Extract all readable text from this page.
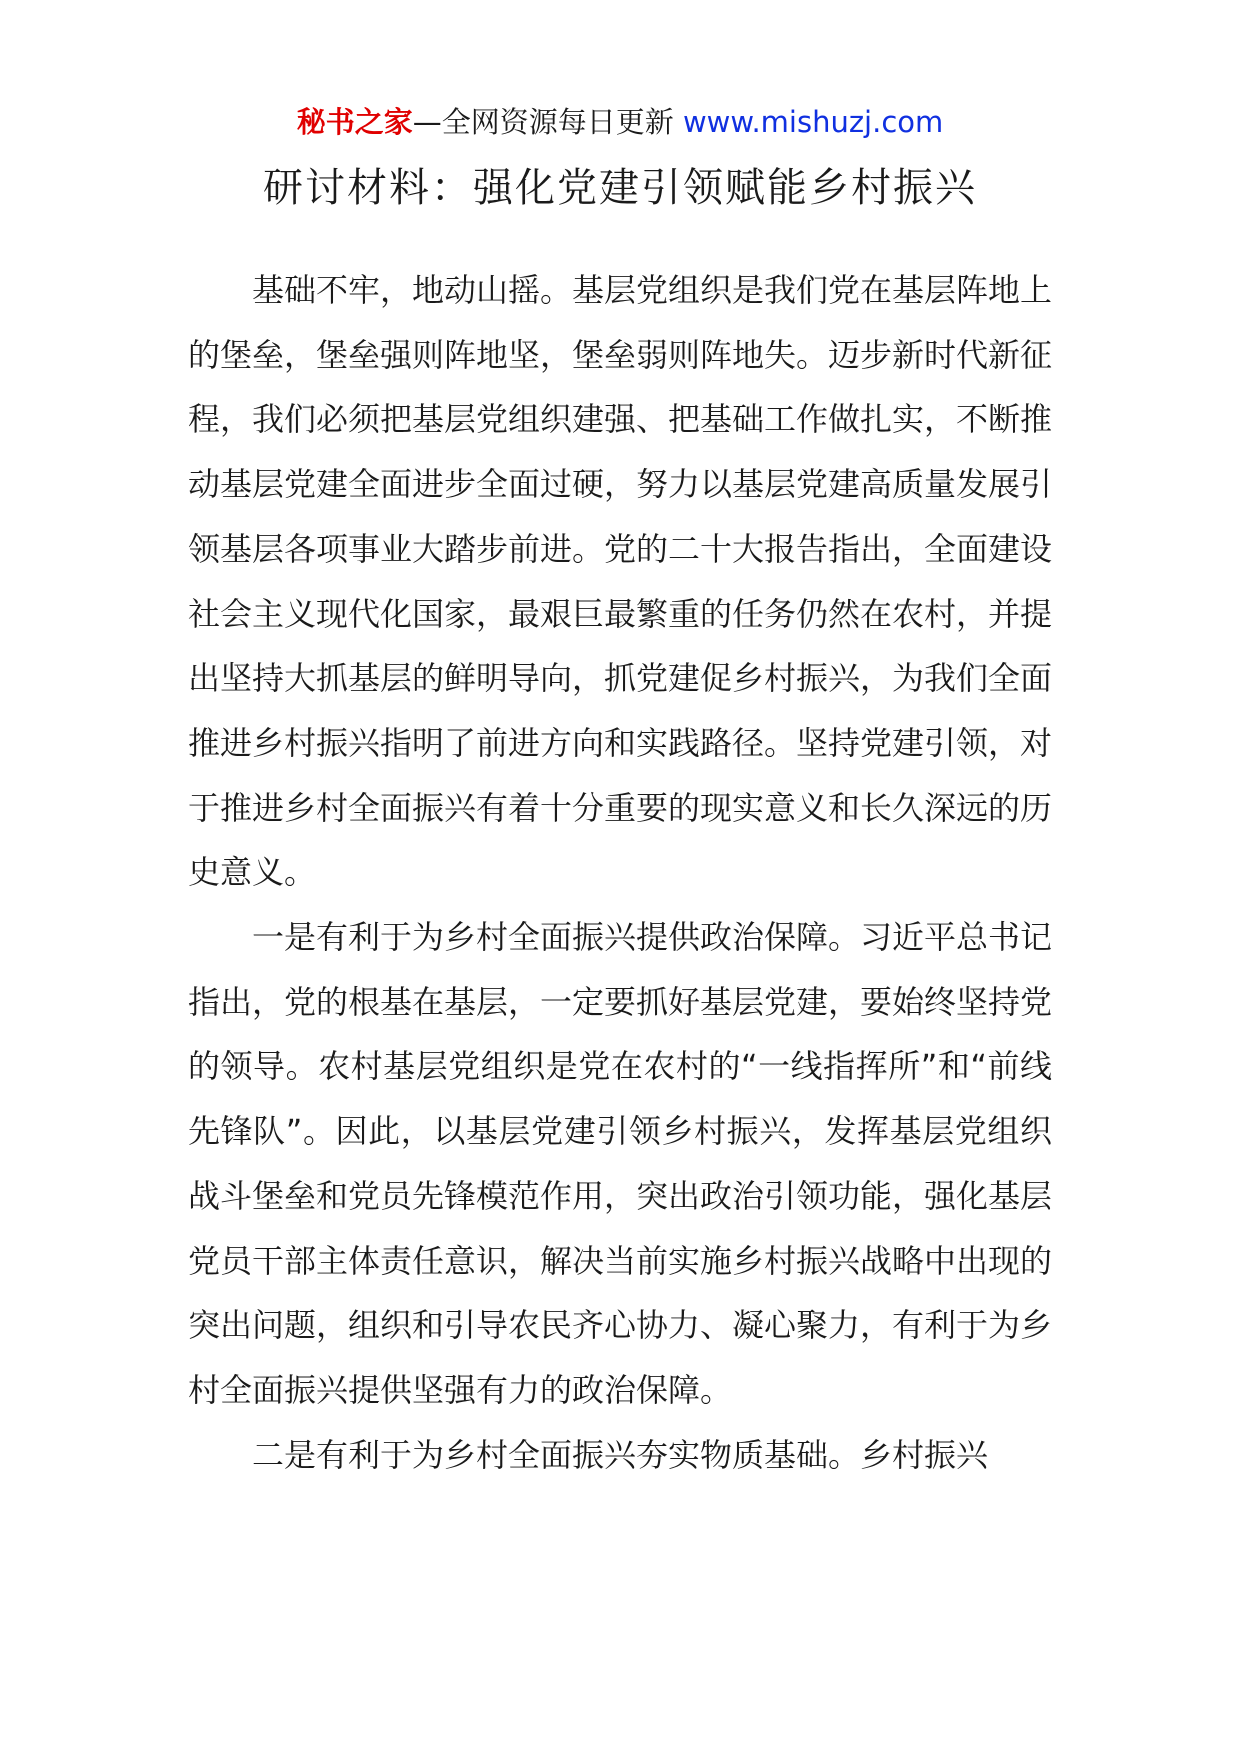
秘书之家—全网资源每日更新 www.mishuzj.com
研讨材料：强化党建引领赋能乡村振兴

基础不牢，地动山摇。基层党组织是我们党在基层阵地上的堡垒，堡垒强则阵地坚，堡垒弱则阵地失。迈步新时代新征程，我们必须把基层党组织建强、把基础工作做扎实，不断推动基层党建全面进步全面过硬，努力以基层党建高质量发展引领基层各项事业大踏步前进。党的二十大报告指出，全面建设社会主义现代化国家，最艰巨最繁重的任务仍然在农村，并提出坚持大抓基层的鲜明导向，抓党建促乡村振兴，为我们全面推进乡村振兴指明了前进方向和实践路径。坚持党建引领，对于推进乡村全面振兴有着十分重要的现实意义和长久深远的历史意义。

一是有利于为乡村全面振兴提供政治保障。习近平总书记指出，党的根基在基层，一定要抓好基层党建，要始终坚持党的领导。农村基层党组织是党在农村的“一线指挥所”和“前线先锋队”。因此，以基层党建引领乡村振兴，发挥基层党组织战斗堡垒和党员先锋模范作用，突出政治引领功能，强化基层党员干部主体责任意识，解决当前实施乡村振兴战略中出现的突出问题，组织和引导农民齐心协力、凝心聚力，有利于为乡村全面振兴提供坚强有力的政治保障。

二是有利于为乡村全面振兴夯实物质基础。乡村振兴
